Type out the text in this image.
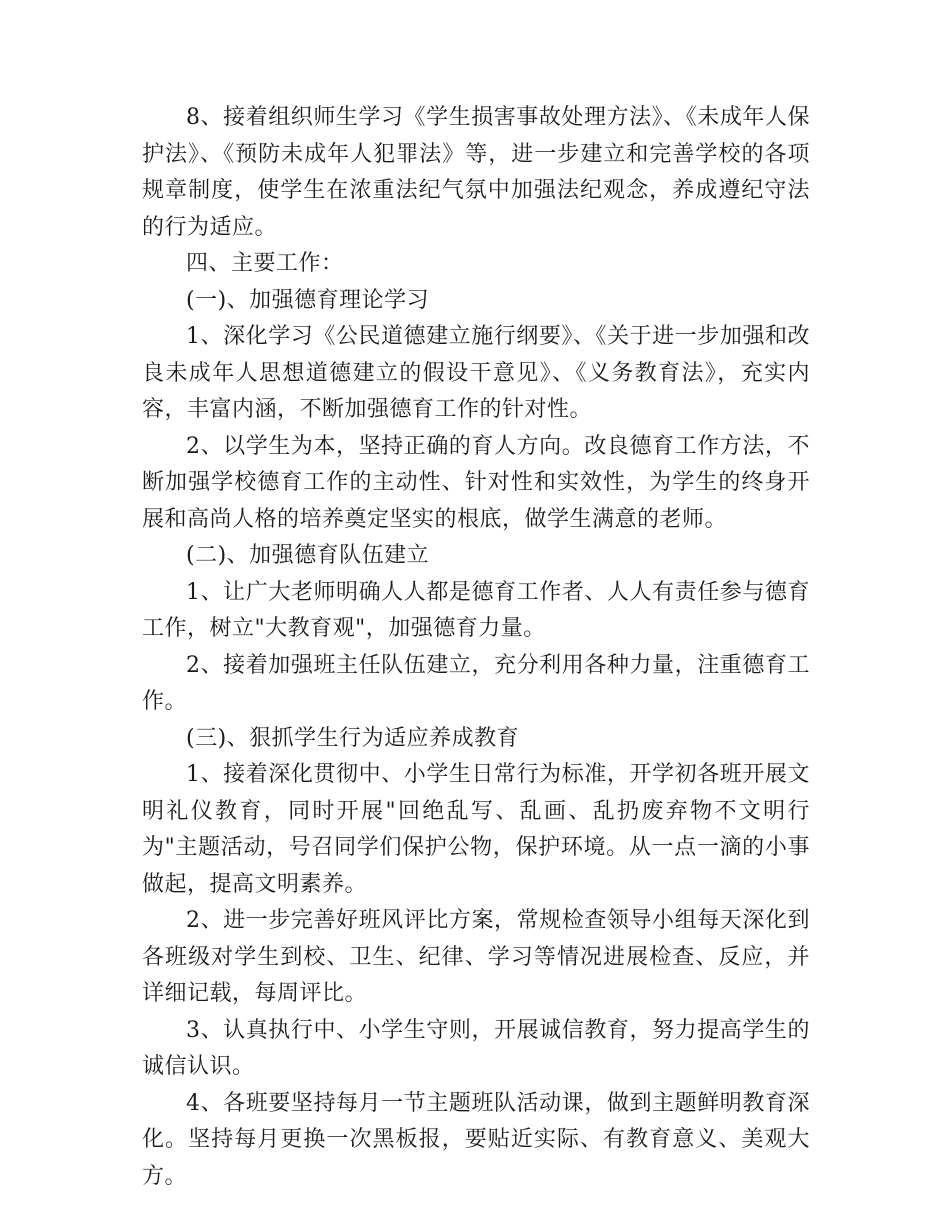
8、接着组织师生学习《学生损害事故处理方法》、《未成年人保护法》、《预防未成年人犯罪法》等，进一步建立和完善学校的各项规章制度，使学生在浓重法纪气氛中加强法纪观念，养成遵纪守法的行为适应。

四、主要工作：

(一)、加强德育理论学习

1、深化学习《公民道德建立施行纲要》、《关于进一步加强和改良未成年人思想道德建立的假设干意见》、《义务教育法》，充实内容，丰富内涵，不断加强德育工作的针对性。

2、以学生为本，坚持正确的育人方向。改良德育工作方法，不断加强学校德育工作的主动性、针对性和实效性，为学生的终身开展和高尚人格的培养奠定坚实的根底，做学生满意的老师。

(二)、加强德育队伍建立

1、让广大老师明确人人都是德育工作者、人人有责任参与德育工作，树立"大教育观"，加强德育力量。

2、接着加强班主任队伍建立，充分利用各种力量，注重德育工作。

(三)、狠抓学生行为适应养成教育

1、接着深化贯彻中、小学生日常行为标准，开学初各班开展文明礼仪教育，同时开展"回绝乱写、乱画、乱扔废弃物不文明行为"主题活动，号召同学们保护公物，保护环境。从一点一滴的小事做起，提高文明素养。

2、进一步完善好班风评比方案，常规检查领导小组每天深化到各班级对学生到校、卫生、纪律、学习等情况进展检查、反应，并详细记载，每周评比。

3、认真执行中、小学生守则，开展诚信教育，努力提高学生的诚信认识。

4、各班要坚持每月一节主题班队活动课，做到主题鲜明教育深化。坚持每月更换一次黑板报，要贴近实际、有教育意义、美观大方。
